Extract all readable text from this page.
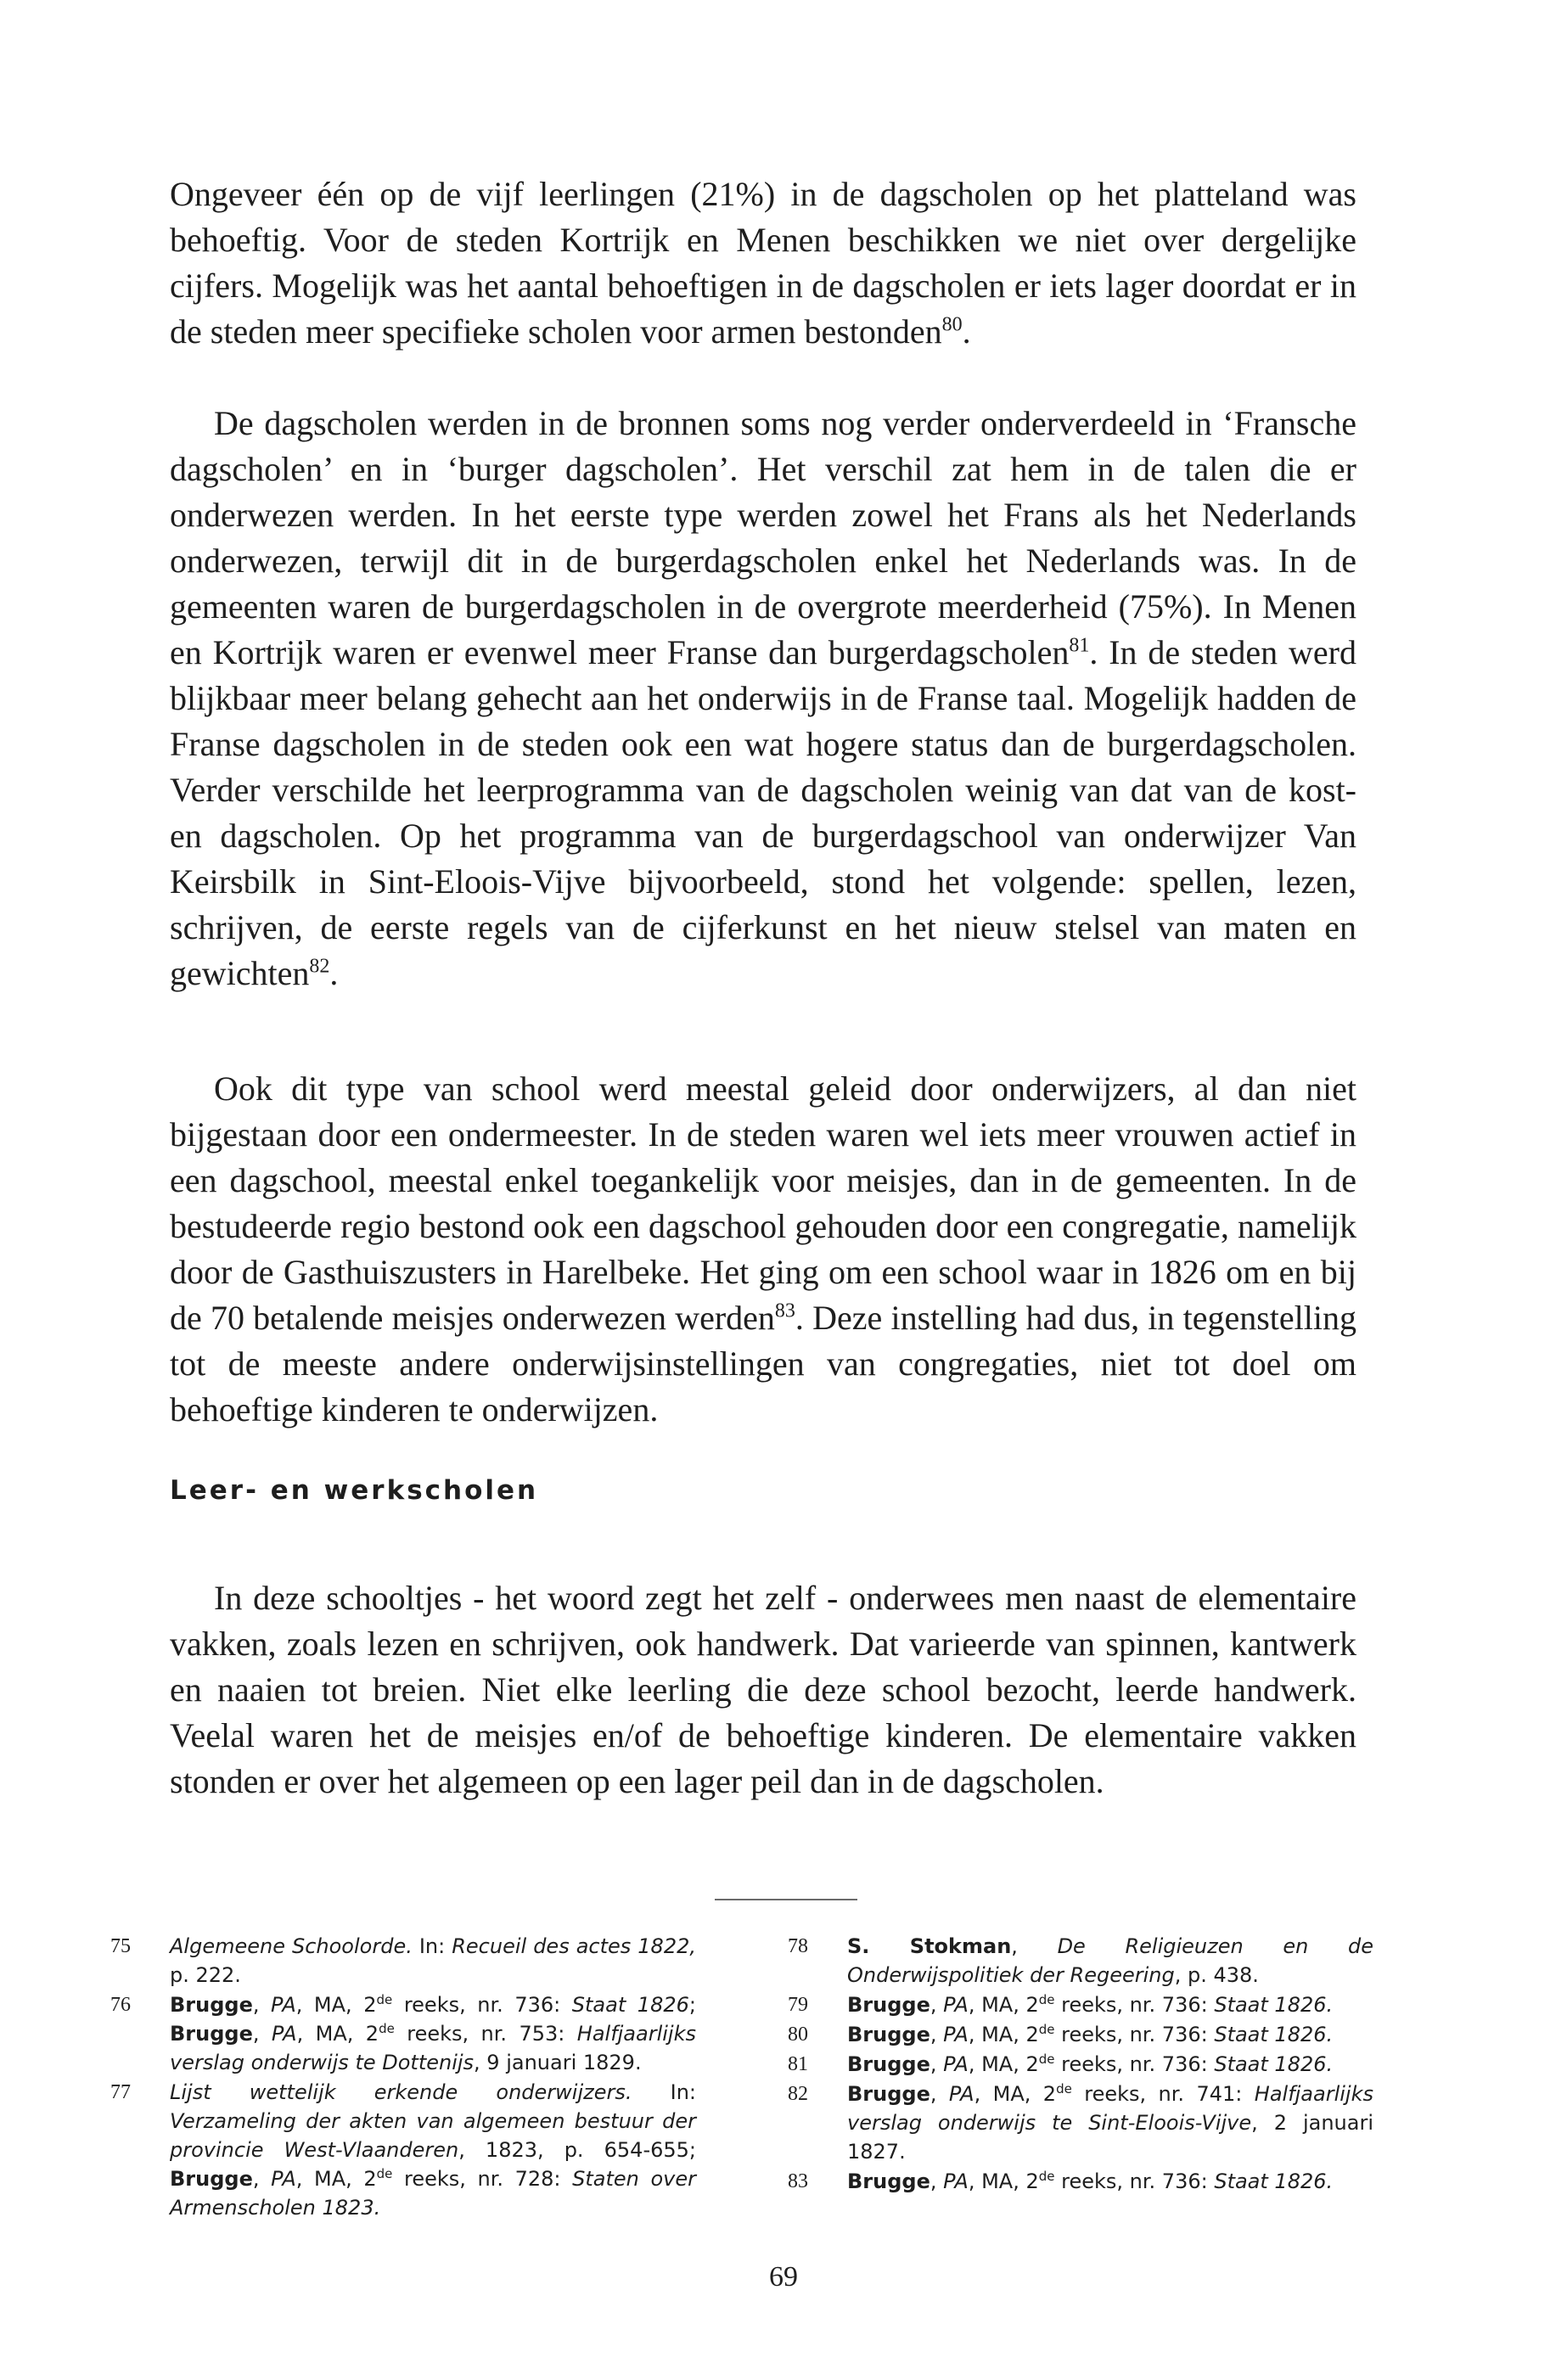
Ongeveer één op de vijf leerlingen (21%) in de dagscholen op het platteland was behoeftig. Voor de steden Kortrijk en Menen beschikken we niet over dergelijke cijfers. Mogelijk was het aantal behoeftigen in de dagscholen er iets lager doordat er in de steden meer specifieke scholen voor armen bestonden$^{80}$.

De dagscholen werden in de bronnen soms nog verder onderverdeeld in ‘Fransche dagscholen’ en in ‘burger dagscholen’. Het verschil zat hem in de talen die er onderwezen werden. In het eerste type werden zowel het Frans als het Nederlands onderwezen, terwijl dit in de burgerdagscholen enkel het Nederlands was. In de gemeenten waren de burgerdagscholen in de overgrote meerderheid (75%). In Menen en Kortrijk waren er evenwel meer Franse dan burgerdagscholen$^{81}$. In de steden werd blijkbaar meer belang gehecht aan het onderwijs in de Franse taal. Mogelijk hadden de Franse dagscholen in de steden ook een wat hogere status dan de burgerdagscholen. Verder verschilde het leerprogramma van de dagscholen weinig van dat van de kost- en dagscholen. Op het programma van de burgerdagschool van onderwijzer Van Keirsbilk in Sint-Eloois-Vijve bijvoorbeeld, stond het volgende: spellen, lezen, schrijven, de eerste regels van de cijferkunst en het nieuw stelsel van maten en gewichten$^{82}$.

Ook dit type van school werd meestal geleid door onderwijzers, al dan niet bijgestaan door een ondermeester. In de steden waren wel iets meer vrouwen actief in een dagschool, meestal enkel toegankelijk voor meisjes, dan in de gemeenten. In de bestudeerde regio bestond ook een dagschool gehouden door een congregatie, namelijk door de Gasthuiszusters in Harelbeke. Het ging om een school waar in 1826 om en bij de 70 betalende meisjes onderwezen werden$^{83}$. Deze instelling had dus, in tegenstelling tot de meeste andere onderwijsinstellingen van congregaties, niet tot doel om behoeftige kinderen te onderwijzen.

Leer- en werkscholen

In deze schooltjes - het woord zegt het zelf - onderwees men naast de elementaire vakken, zoals lezen en schrijven, ook handwerk. Dat varieerde van spinnen, kantwerk en naaien tot breien. Niet elke leerling die deze school bezocht, leerde handwerk. Veelal waren het de meisjes en/of de behoeftige kinderen. De elementaire vakken stonden er over het algemeen op een lager peil dan in de dagscholen.

75 Algemeene Schoolorde. In: Recueil des actes 1822, p. 222.
76 Brugge, PA, MA, 2de reeks, nr. 736: Staat 1826; Brugge, PA, MA, 2de reeks, nr. 753: Halfjaarlijks verslag onderwijs te Dottenijs, 9 januari 1829.
77 Lijst wettelijk erkende onderwijzers. In: Verzameling der akten van algemeen bestuur der provincie West-Vlaanderen, 1823, p. 654-655; Brugge, PA, MA, 2de reeks, nr. 728: Staten over Armenscholen 1823.
78 S. Stokman, De Religieuzen en de Onderwijspolitiek der Regeering, p. 438.
79 Brugge, PA, MA, 2de reeks, nr. 736: Staat 1826.
80 Brugge, PA, MA, 2de reeks, nr. 736: Staat 1826.
81 Brugge, PA, MA, 2de reeks, nr. 736: Staat 1826.
82 Brugge, PA, MA, 2de reeks, nr. 741: Halfjaarlijks verslag onderwijs te Sint-Eloois-Vijve, 2 januari 1827.
83 Brugge, PA, MA, 2de reeks, nr. 736: Staat 1826.

69
